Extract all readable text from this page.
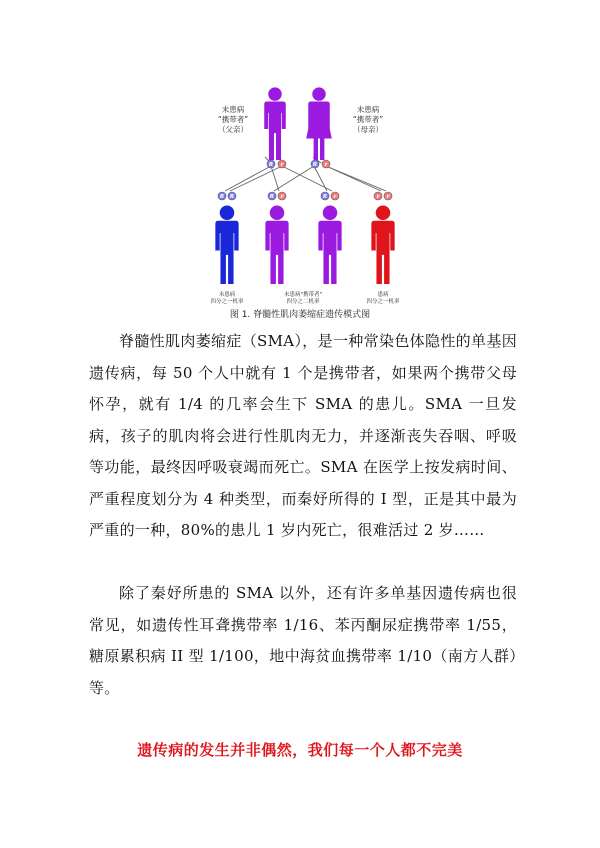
未患病
“携带者”
（父亲）
未患病
“携带者”
（母亲）
R r	R r
R R	R r	R r	r r
未患病
四分之一机率
未患病"携带者"
四分之二机率
患病
四分之一机率
图 1. 脊髓性肌肉萎缩症遗传模式图

脊髓性肌肉萎缩症（SMA），是一种常染色体隐性的单基因遗传病，每 50 个人中就有 1 个是携带者，如果两个携带父母怀孕，就有 1/4 的几率会生下 SMA 的患儿。SMA 一旦发病，孩子的肌肉将会进行性肌肉无力，并逐渐丧失吞咽、呼吸等功能，最终因呼吸衰竭而死亡。SMA 在医学上按发病时间、严重程度划分为 4 种类型，而秦妤所得的 I 型，正是其中最为严重的一种，80%的患儿 1 岁内死亡，很难活过 2 岁……

除了秦妤所患的 SMA 以外，还有许多单基因遗传病也很常见，如遗传性耳聋携带率 1/16、苯丙酮尿症携带率 1/55，糖原累积病 II 型 1/100，地中海贫血携带率 1/10（南方人群）等。

遗传病的发生并非偶然，我们每一个人都不完美
